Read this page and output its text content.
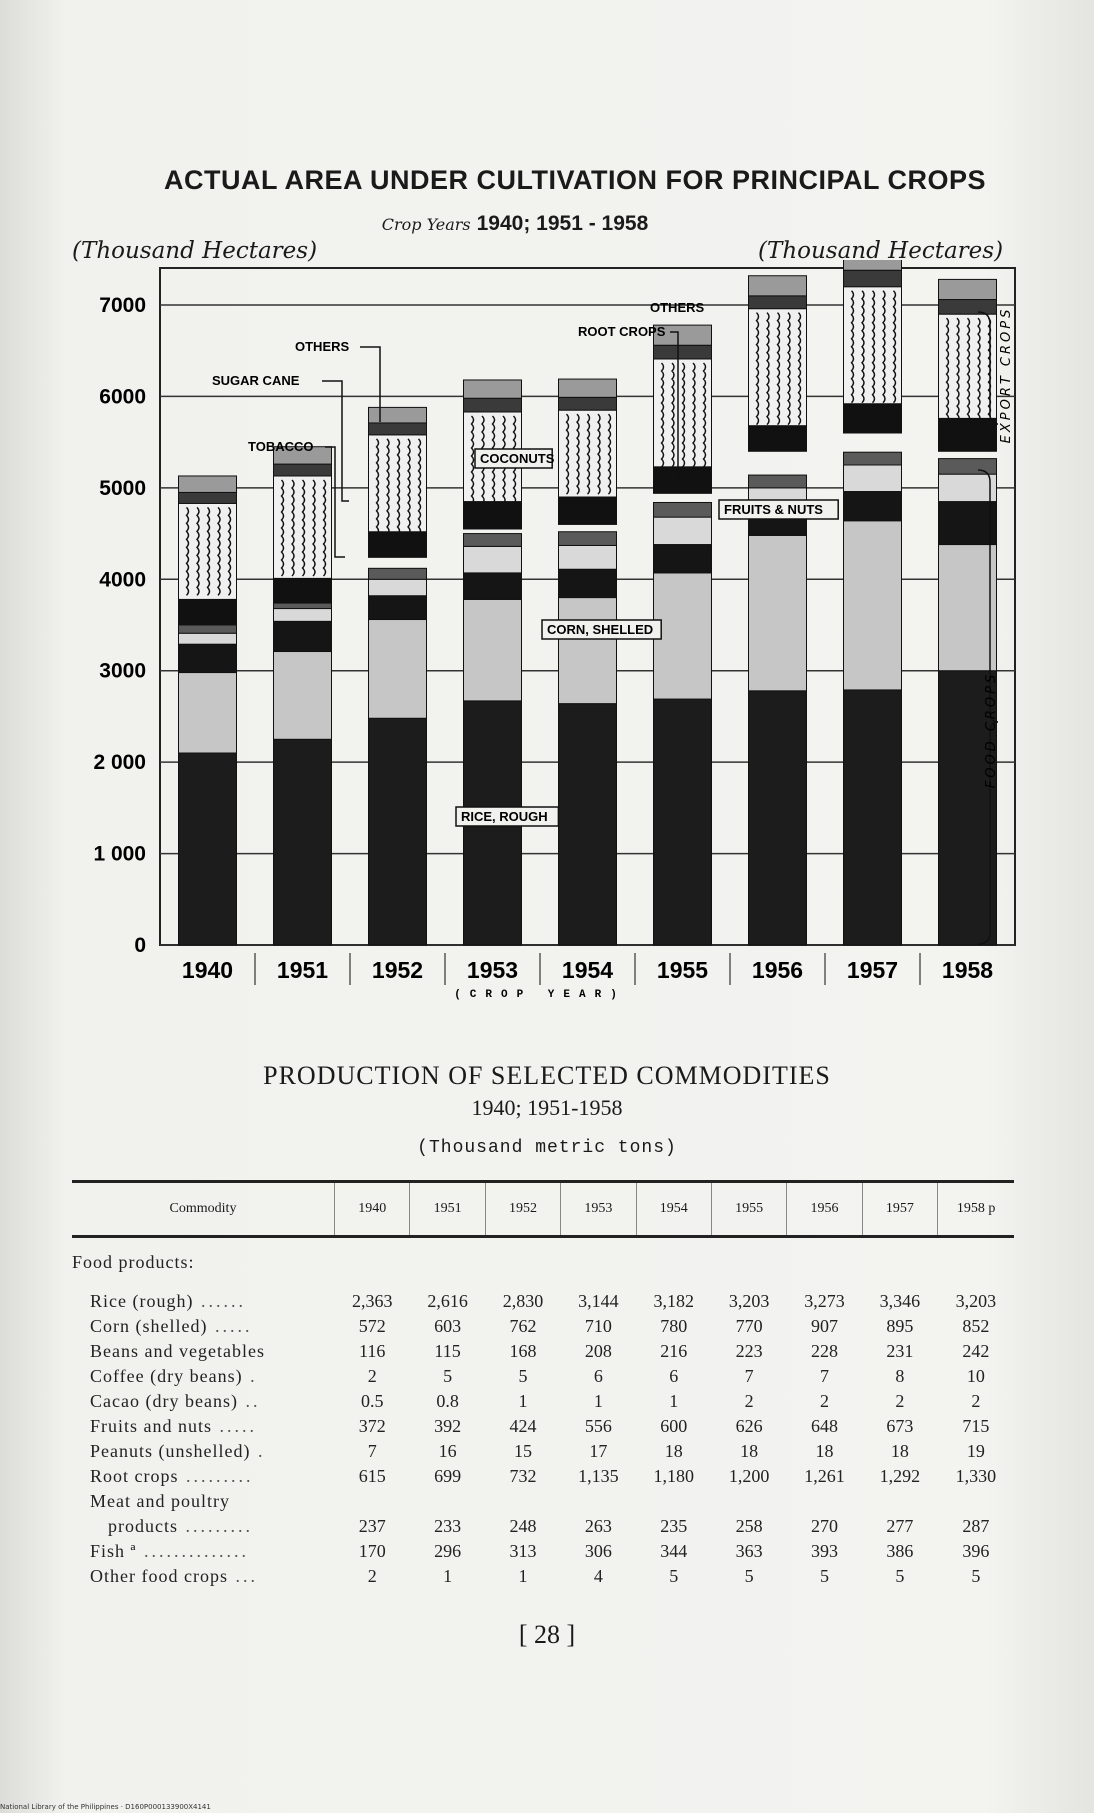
ACTUAL AREA UNDER CULTIVATION FOR PRINCIPAL CROPS
Crop Years 1940; 1951 - 1958
(Thousand Hectares)	(Thousand Hectares)
0
1 000
2 000
3000
4000
5000
6000
7000
1940 1951 1952 1953 1954 1955 1956 1957 1958
(CROP YEAR)
EXPORT CROPS
FOOD CROPS
OTHERS
SUGAR CANE
TOBACCO
COCONUTS
CORN, SHELLED
RICE, ROUGH
OTHERS
ROOT CROPS
FRUITS & NUTS
PRODUCTION OF SELECTED COMMODITIES
1940; 1951-1958
(Thousand metric tons)
Commodity	1940	1951	1952	1953	1954	1955	1956	1957	1958 p
Food products:									
Rice (rough) ......	2,363	2,616	2,830	3,144	3,182	3,203	3,273	3,346	3,203
Corn (shelled) .....	572	603	762	710	780	770	907	895	852
Beans and vegetables	116	115	168	208	216	223	228	231	242
Coffee (dry beans) .	2	5	5	6	6	7	7	8	10
Cacao (dry beans) ..	0.5	0.8	1	1	1	2	2	2	2
Fruits and nuts .....	372	392	424	556	600	626	648	673	715
Peanuts (unshelled) .	7	16	15	17	18	18	18	18	19
Root crops .........	615	699	732	1,135	1,180	1,200	1,261	1,292	1,330
Meat and poultry									
products .........	237	233	248	263	235	258	270	277	287
Fish ª ..............	170	296	313	306	344	363	393	386	396
Other food crops ...	2	1	1	4	5	5	5	5	5
[ 28 ]
National Library of the Philippines · D160P000133900X4141
